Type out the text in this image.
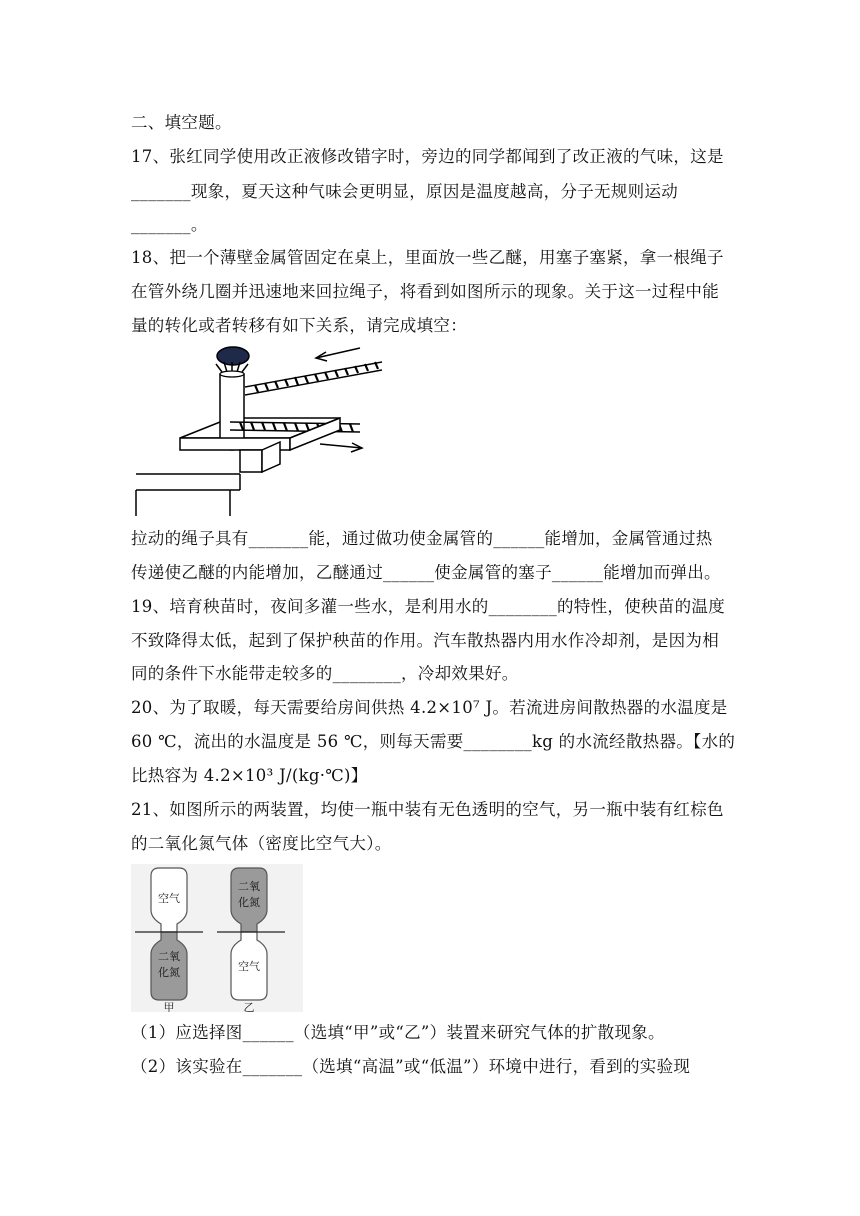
二、填空题。
17、张红同学使用改正液修改错字时，旁边的同学都闻到了改正液的气味，这是
_______现象，夏天这种气味会更明显，原因是温度越高，分子无规则运动
_______。
18、把一个薄壁金属管固定在桌上，里面放一些乙醚，用塞子塞紧，拿一根绳子
在管外绕几圈并迅速地来回拉绳子，将看到如图所示的现象。关于这一过程中能
量的转化或者转移有如下关系，请完成填空：
拉动的绳子具有_______能，通过做功使金属管的______能增加，金属管通过热
传递使乙醚的内能增加，乙醚通过______使金属管的塞子______能增加而弹出。
19、培育秧苗时，夜间多灌一些水，是利用水的________的特性，使秧苗的温度
不致降得太低，起到了保护秧苗的作用。汽车散热器内用水作冷却剂，是因为相
同的条件下水能带走较多的________，冷却效果好。
20、为了取暖，每天需要给房间供热 4.2×10⁷ J。若流进房间散热器的水温度是
60 ℃，流出的水温度是 56 ℃，则每天需要________kg 的水流经散热器。【水的
比热容为 4.2×10³ J/(kg·℃)】
21、如图所示的两装置，均使一瓶中装有无色透明的空气，另一瓶中装有红棕色
的二氧化氮气体（密度比空气大）。
空气
二氧
化氮
甲
二氧
化氮
空气
乙
（1）应选择图______（选填“甲”或“乙”）装置来研究气体的扩散现象。
（2）该实验在_______（选填“高温”或“低温”）环境中进行，看到的实验现
